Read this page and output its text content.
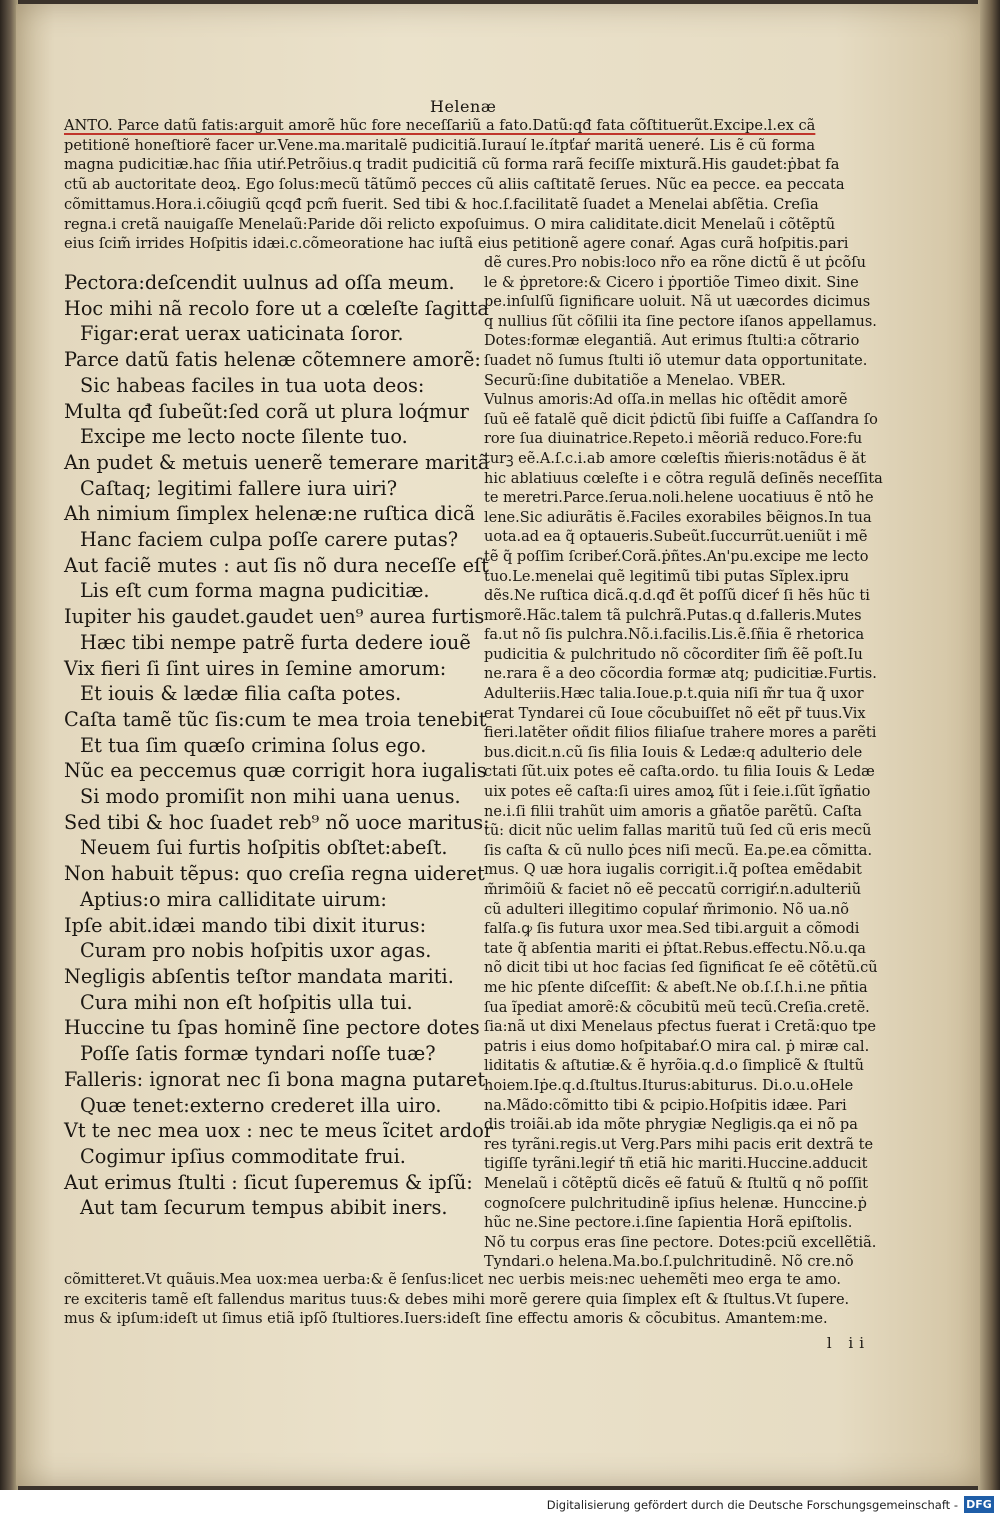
Helenæ

ANTO. Parce datũ fatis:arguit amorẽ hũc fore neceſſariũ a fato.Datũ:qđ fata cõſtituerũt.Excipe.l.ex cã

petitionẽ honeſtiorẽ facer ur.Vene.ma.maritalẽ pudicitiã.Iurauí le.ítpťaŕ maritã ueneré. Lis ẽ cũ forma

magna pudicitiæ.hac ſñia utiŕ.Petrõius.q tradit pudicitiã cũ forma rarã feciſſe mixturã.His gaudet:ṗbat fa

ctũ ab auctoritate deoꝝ. Ego ſolus:mecũ tãtũmõ pecces cũ aliis caſtitatẽ ſerues. Nũc ea pecce. ea peccata

cõmittamus.Hora.i.cõiugiũ qcqđ pcm̃ fuerit. Sed tibi & hoc.ſ.facilitatẽ ſuadet a Menelai abſẽtia. Creſia

regna.i cretã nauigaſſe Menelaũ:Paride dõi relicto expoſuimus. O mira caliditate.dicit Menelaũ i cõtẽptũ

eius ſcim̃ irrides Hoſpitis idæi.c.cõmeoratione hac iuſtã eius petitionẽ agere conaŕ. Agas curã hoſpitis.pari

Pectora:deſcendit uulnus ad oſſa meum.

Hoc mihi nã recolo fore ut a cœleſte ſagitta

Figar:erat uerax uaticinata ſoror.

Parce datũ fatis helenæ cõtemnere amorẽ:

Sic habeas faciles in tua uota deos:

Multa qđ ſubeũt:ſed corã ut plura loq́mur

Excipe me lecto nocte ſilente tuo.

An pudet & metuis uenerẽ temerare maritã

Caſtaq; legitimi fallere iura uiri?

Ah nimium ſimplex helenæ:ne ruſtica dicã

Hanc faciem culpa poſſe carere putas?

Aut faciẽ mutes : aut ſis nõ dura neceſſe eſt

Lis eſt cum forma magna pudicitiæ.

Iupiter his gaudet.gaudet uen⁹ aurea furtis

Hæc tibi nempe patrẽ furta dedere iouẽ

Vix fieri ſi ſint uires in ſemine amorum:

Et iouis & lædæ filia caſta potes.

Caſta tamẽ tũc ſis:cum te mea troia tenebit

Et tua ſim quæſo crimina ſolus ego.

Nũc ea peccemus quæ corrigit hora iugalis

Si modo promiſit non mihi uana uenus.

Sed tibi & hoc ſuadet reb⁹ nõ uoce maritus:

Neuem ſui furtis hoſpitis obſtet:abeſt.

Non habuit tẽpus: quo creſia regna uideret

Aptius:o mira calliditate uirum:

Ipſe abit.idæi mando tibi dixit iturus:

Curam pro nobis hoſpitis uxor agas.

Negligis abſentis teſtor mandata mariti.

Cura mihi non eſt hoſpitis ulla tui.

Huccine tu ſpas hominẽ ſine pectore dotes

Poſſe ſatis formæ tyndari noſſe tuæ?

Falleris: ignorat nec ſi bona magna putaret

Quæ tenet:externo crederet illa uiro.

Vt te nec mea uox : nec te meus ĩcitet ardor

Cogimur ipſius commoditate frui.

Aut erimus ſtulti : ſicut ſuperemus & ipſũ:

Aut tam ſecurum tempus abibit iners.

dẽ cures.Pro nobis:loco nr̃o ea rõne dictũ ẽ ut ṗcõſu

le & ṗpretore:& Cicero i ṗportiõe Timeo dixit. Sine

pe.inſulſũ ſignificare uoluit. Nã ut uæcordes dicimus

q nullius ſũt cõſilii ita ſine pectore iſanos appellamus.

Dotes:formæ elegantiã. Aut erimus ſtulti:a cõtrario

ſuadet nõ ſumus ſtulti iõ utemur data opportunitate.

Securũ:ſine dubitatiõe a Menelao. VBER.

Vulnus amoris:Ad oſſa.in mellas hic oſtẽdit amorẽ

ſuũ eẽ fatalẽ quẽ dicit ṗdictũ ſibi fuiſſe a Caſſandra ſo

rore ſua diuinatrice.Repeto.i mẽoriã reduco.Fore:fu

turꝫ eẽ.A.ſ.c.i.ab amore cœleſtis m̃ieris:notãdus ẽ ăt

hic ablatiuus cœleſte i e cõtra regulã deſinẽs neceſſita

te meretri.Parce.ſerua.noli.helene uocatiuus ẽ ntõ he

lene.Sic adiurãtis ẽ.Faciles exorabiles bẽignos.In tua

uota.ad ea q̃ optaueris.Subeũt.ſuccurrũt.ueniũt i mẽ

tẽ q̃ poſſim ſcribeŕ.Corã.ṗñtes.An'pu.excipe me lecto

tuo.Le.menelai quẽ legitimũ tibi putas Sĩplex.ipru

dẽs.Ne ruſtica dicã.q.d.qđ ẽt poſſũ diceŕ ſi hẽs hũc ti

morẽ.Hãc.talem tã pulchrã.Putas.q d.falleris.Mutes

fa.ut nõ ſis pulchra.Nõ.i.facilis.Lis.ẽ.ſñia ẽ rhetorica

pudicitia & pulchritudo nõ cõcorditer ſim̃ ẽẽ poſt.Iu

ne.rara ẽ a deo cõcordia formæ atq; pudicitiæ.Furtis.

Adulteriis.Hæc talia.Ioue.p.t.quia niſi m̃r tua q̃ uxor

erat Tyndarei cũ Ioue cõcubuiſſet nõ eẽt pr̃ tuus.Vix

fieri.latẽter oñdit filios filiaſue trahere mores a parẽti

bus.dicit.n.cũ ſis filia Iouis & Ledæ:q adulterio dele

ctati ſũt.uix potes eẽ caſta.ordo. tu filia Iouis & Ledæ

uix potes eẽ caſta:ſi uires amoꝝ ſũt i ſeie.i.ſũt ĩgñatio

ne.i.ſi filii trahũt uim amoris a gñatõe parẽtũ. Caſta

tũ: dicit nũc uelim fallas maritũ tuũ ſed cũ eris mecũ

ſis caſta & cũ nullo ṗces niſi mecũ. Ea.pe.ea cõmitta.

mus. Q uæ hora iugalis corrigit.i.q̃ poſtea emẽdabit

m̃rimõiũ & faciet nõ eẽ peccatũ corrigiŕ.n.adulteriũ

cũ adulteri illegitimo copulaŕ m̃rimonio. Nõ ua.nõ

falſa.ꝙ ſis futura uxor mea.Sed tibi.arguit a cõmodi

tate q̃ abſentia mariti ei ṗſtat.Rebus.effectu.Nõ.u.qa

nõ dicit tibi ut hoc facias ſed ſignificat ſe eẽ cõtẽtũ.cũ

me hic pſente diſceſſit: & abeſt.Ne ob.ſ.ſ.h.i.ne pñtia

ſua ĩpediat amorẽ:& cõcubitũ meũ tecũ.Creſia.cretẽ.

ſia:nã ut dixi Menelaus pfectus fuerat i Cretã:quo tpe

patris i eius domo hoſpitabaŕ.O mira cal. ṗ miræ cal.

liditatis & aſtutiæ.& ẽ hyrõia.q.d.o ſimplicẽ & ſtultũ

hoiem.Iṗe.q.d.ſtultus.Iturus:abiturus. Di.o.u.oHele

na.Mãdo:cõmitto tibi & pcipio.Hoſpitis idæe. Pari

dis troiãi.ab ida mõte phrygiæ Negligis.qa ei nõ pa

res tyrãni.regis.ut Verg.Pars mihi pacis erit dextrã te

tigiſſe tyrãni.legiŕ tñ etiã hic mariti.Huccine.adducit

Menelaũ i cõtẽptũ dicẽs eẽ fatuũ & ſtultũ q nõ poſſit

cognoſcere pulchritudinẽ ipſius helenæ. Hunccine.ṗ

hũc ne.Sine pectore.i.ſine ſapientia Horã epiſtolis.

Nõ tu corpus eras ſine pectore. Dotes:pciũ excellẽtiã.

Tyndari.o helena.Ma.bo.ſ.pulchritudinẽ. Nõ cre.nõ

cõmitteret.Vt quãuis.Mea uox:mea uerba:& ẽ ſenſus:licet nec uerbis meis:nec uehemẽti meo erga te amo.

re exciteris tamẽ eſt fallendus maritus tuus:& debes mihi morẽ gerere quia ſimplex eſt & ſtultus.Vt ſupere.

mus & ipſum:ideſt ut ſimus etiã ipſõ ſtultiores.Iuers:ideſt ſine effectu amoris & cõcubitus. Amantem:me.

l ii
Digitalisierung gefördert durch die Deutsche Forschungsgemeinschaft - DFG
